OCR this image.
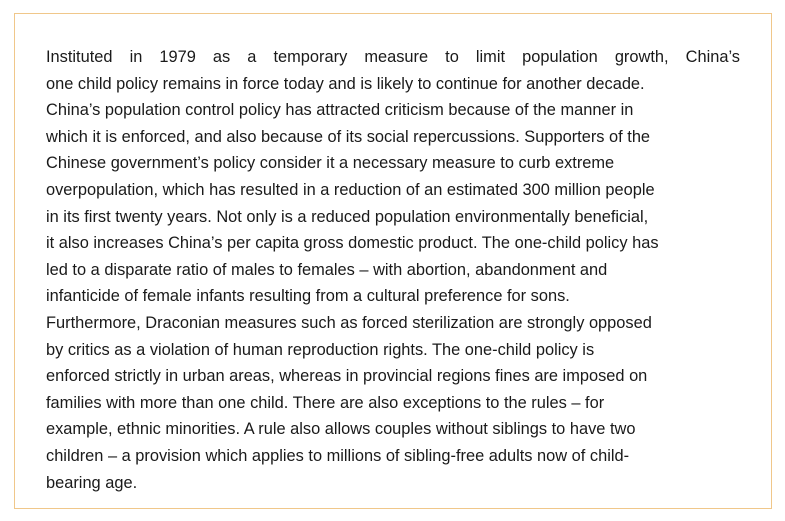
Instituted in 1979 as a temporary measure to limit population growth, China’s
one child policy remains in force today and is likely to continue for another decade.
China’s population control policy has attracted criticism because of the manner in
which it is enforced, and also because of its social repercussions. Supporters of the
Chinese government’s policy consider it a necessary measure to curb extreme
overpopulation, which has resulted in a reduction of an estimated 300 million people
in its first twenty years. Not only is a reduced population environmentally beneficial,
it also increases China’s per capita gross domestic product. The one-child policy has
led to a disparate ratio of males to females – with abortion, abandonment and
infanticide of female infants resulting from a cultural preference for sons.
Furthermore, Draconian measures such as forced sterilization are strongly opposed
by critics as a violation of human reproduction rights. The one-child policy is
enforced strictly in urban areas, whereas in provincial regions fines are imposed on
families with more than one child. There are also exceptions to the rules – for
example, ethnic minorities. A rule also allows couples without siblings to have two
children – a provision which applies to millions of sibling-free adults now of child-
bearing age.
